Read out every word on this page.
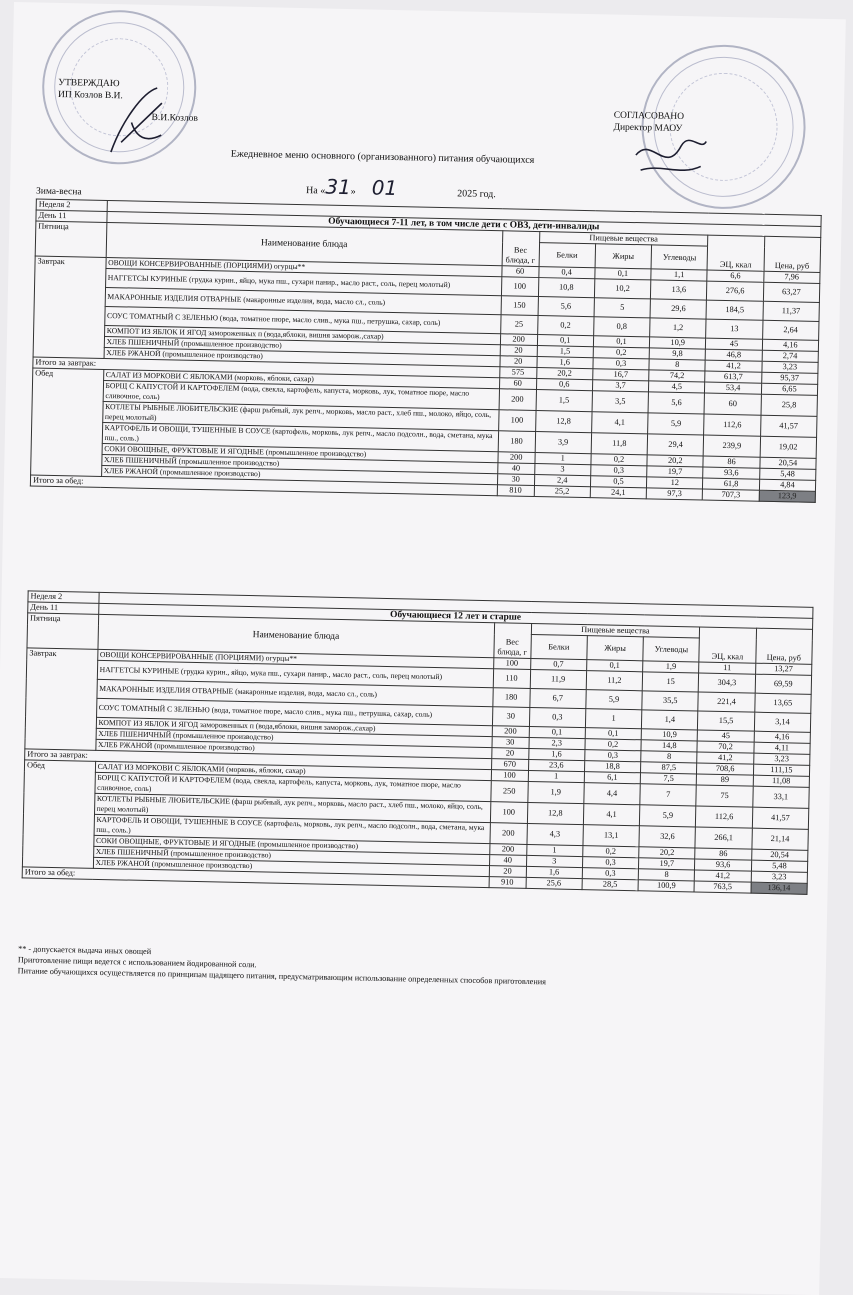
УТВЕРЖДАЮ
ИП Козлов В.И.
В.И.Козлов	СОГЛАСОВАНО
Директор МАОУ
Ежедневное меню основного (организованного) питания обучающихся
На «31» 01	2025 год.
Зима-весна
Неделя 2							
День 11	Обучающиеся 7-11 лет, в том числе дети с ОВЗ, дети-инвалиды						
Пятница	Наименование блюда	Вес блюда, г	Пищевые вещества			ЭЦ, ккал	Цена, руб
			Белки	Жиры	Углеводы		
Завтрак	ОВОЩИ КОНСЕРВИРОВАННЫЕ (ПОРЦИЯМИ) огурцы**	60	0,4	0,1	1,1	6,6	7,96
	НАГГЕТСЫ КУРИНЫЕ (грудка курин., яйцо, мука пш., сухари панир., масло раст., соль, перец молотый)	100	10,8	10,2	13,6	276,6	63,27
	МАКАРОННЫЕ ИЗДЕЛИЯ ОТВАРНЫЕ (макаронные изделия, вода, масло сл., соль)	150	5,6	5	29,6	184,5	11,37
	СОУС ТОМАТНЫЙ С ЗЕЛЕНЬЮ (вода, томатное пюре, масло слив., мука пш., петрушка, сахар, соль)	25	0,2	0,8	1,2	13	2,64
	КОМПОТ ИЗ ЯБЛОК И ЯГОД замороженных п (вода,яблоки, вишня заморож.,сахар)	200	0,1	0,1	10,9	45	4,16
	ХЛЕБ ПШЕНИЧНЫЙ (промышленное производство)	20	1,5	0,2	9,8	46,8	2,74
	ХЛЕБ РЖАНОЙ (промышленное производство)	20	1,6	0,3	8	41,2	3,23
Итого за завтрак:		575	20,2	16,7	74,2	613,7	95,37
Обед	САЛАТ ИЗ МОРКОВИ С ЯБЛОКАМИ (морковь, яблоки, сахар)	60	0,6	3,7	4,5	53,4	6,65
	БОРЩ С КАПУСТОЙ И КАРТОФЕЛЕМ (вода, свекла, картофель, капуста, морковь, лук, томатное пюре, масло сливочное, соль)	200	1,5	3,5	5,6	60	25,8
	КОТЛЕТЫ РЫБНЫЕ ЛЮБИТЕЛЬСКИЕ (фарш рыбный, лук репч., морковь, масло раст., хлеб пш., молоко, яйцо, соль, перец молотый)	100	12,8	4,1	5,9	112,6	41,57
	КАРТОФЕЛЬ И ОВОЩИ, ТУШЕННЫЕ В СОУСЕ (картофель, морковь, лук репч., масло подсолн., вода, сметана, мука пш., соль.)	180	3,9	11,8	29,4	239,9	19,02
	СОКИ ОВОЩНЫЕ, ФРУКТОВЫЕ И ЯГОДНЫЕ (промышленное производство)	200	1	0,2	20,2	86	20,54
	ХЛЕБ ПШЕНИЧНЫЙ (промышленное производство)	40	3	0,3	19,7	93,6	5,48
	ХЛЕБ РЖАНОЙ (промышленное производство)	30	2,4	0,5	12	61,8	4,84
Итого за обед:		810	25,2	24,1	97,3	707,3	123,9
Неделя 2							
День 11	Обучающиеся 12 лет и старше						
Пятница	Наименование блюда	Вес блюда, г	Пищевые вещества			ЭЦ, ккал	Цена, руб
			Белки	Жиры	Углеводы		
Завтрак	ОВОЩИ КОНСЕРВИРОВАННЫЕ (ПОРЦИЯМИ) огурцы**	100	0,7	0,1	1,9	11	13,27
	НАГГЕТСЫ КУРИНЫЕ (грудка курин., яйцо, мука пш., сухари панир., масло раст., соль, перец молотый)	110	11,9	11,2	15	304,3	69,59
	МАКАРОННЫЕ ИЗДЕЛИЯ ОТВАРНЫЕ (макаронные изделия, вода, масло сл., соль)	180	6,7	5,9	35,5	221,4	13,65
	СОУС ТОМАТНЫЙ С ЗЕЛЕНЬЮ (вода, томатное пюре, масло слив., мука пш., петрушка, сахар, соль)	30	0,3	1	1,4	15,5	3,14
	КОМПОТ ИЗ ЯБЛОК И ЯГОД замороженных п (вода,яблоки, вишня заморож.,сахар)	200	0,1	0,1	10,9	45	4,16
	ХЛЕБ ПШЕНИЧНЫЙ (промышленное производство)	30	2,3	0,2	14,8	70,2	4,11
	ХЛЕБ РЖАНОЙ (промышленное производство)	20	1,6	0,3	8	41,2	3,23
Итого за завтрак:		670	23,6	18,8	87,5	708,6	111,15
Обед	САЛАТ ИЗ МОРКОВИ С ЯБЛОКАМИ (морковь, яблоки, сахар)	100	1	6,1	7,5	89	11,08
	БОРЩ С КАПУСТОЙ И КАРТОФЕЛЕМ (вода, свекла, картофель, капуста, морковь, лук, томатное пюре, масло сливочное, соль)	250	1,9	4,4	7	75	33,1
	КОТЛЕТЫ РЫБНЫЕ ЛЮБИТЕЛЬСКИЕ (фарш рыбный, лук репч., морковь, масло раст., хлеб пш., молоко, яйцо, соль, перец молотый)	100	12,8	4,1	5,9	112,6	41,57
	КАРТОФЕЛЬ И ОВОЩИ, ТУШЕННЫЕ В СОУСЕ (картофель, морковь, лук репч., масло подсолн., вода, сметана, мука пш., соль.)	200	4,3	13,1	32,6	266,1	21,14
	СОКИ ОВОЩНЫЕ, ФРУКТОВЫЕ И ЯГОДНЫЕ (промышленное производство)	200	1	0,2	20,2	86	20,54
	ХЛЕБ ПШЕНИЧНЫЙ (промышленное производство)	40	3	0,3	19,7	93,6	5,48
	ХЛЕБ РЖАНОЙ (промышленное производство)	20	1,6	0,3	8	41,2	3,23
Итого за обед:		910	25,6	28,5	100,9	763,5	136,14
** - допускается выдача иных овощей
Приготовление пищи ведется с использованием йодированной соли.
Питание обучающихся осуществляется по принципам щадящего питания, предусматривающим использование определенных способов приготовления
